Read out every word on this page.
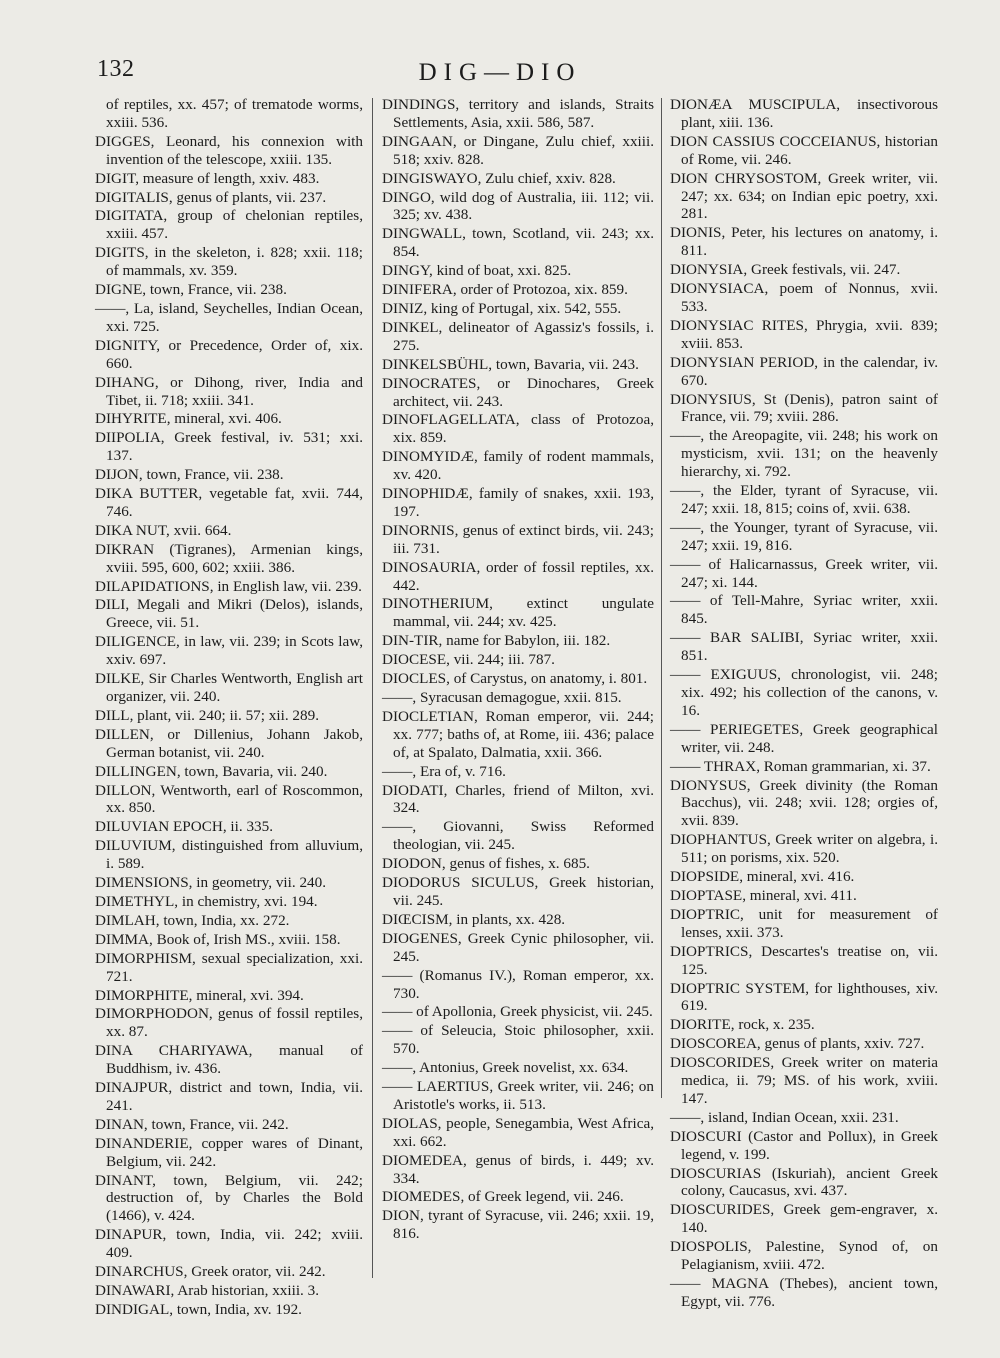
132	DIG—DIO

of reptiles, xx. 457; of trematode worms, xxiii. 536.

DIGGES, Leonard, his connexion with invention of the telescope, xxiii. 135.

DIGIT, measure of length, xxiv. 483.

DIGITALIS, genus of plants, vii. 237.

DIGITATA, group of chelonian reptiles, xxiii. 457.

DIGITS, in the skeleton, i. 828; xxii. 118; of mammals, xv. 359.

DIGNE, town, France, vii. 238.

——, La, island, Seychelles, Indian Ocean, xxi. 725.

DIGNITY, or Precedence, Order of, xix. 660.

DIHANG, or Dihong, river, India and Tibet, ii. 718; xxiii. 341.

DIHYRITE, mineral, xvi. 406.

DIIPOLIA, Greek festival, iv. 531; xxi. 137.

DIJON, town, France, vii. 238.

DIKA BUTTER, vegetable fat, xvii. 744, 746.

DIKA NUT, xvii. 664.

DIKRAN (Tigranes), Armenian kings, xviii. 595, 600, 602; xxiii. 386.

DILAPIDATIONS, in English law, vii. 239.

DILI, Megali and Mikri (Delos), islands, Greece, vii. 51.

DILIGENCE, in law, vii. 239; in Scots law, xxiv. 697.

DILKE, Sir Charles Wentworth, English art organizer, vii. 240.

DILL, plant, vii. 240; ii. 57; xii. 289.

DILLEN, or Dillenius, Johann Jakob, German botanist, vii. 240.

DILLINGEN, town, Bavaria, vii. 240.

DILLON, Wentworth, earl of Roscommon, xx. 850.

DILUVIAN EPOCH, ii. 335.

DILUVIUM, distinguished from alluvium, i. 589.

DIMENSIONS, in geometry, vii. 240.

DIMETHYL, in chemistry, xvi. 194.

DIMLAH, town, India, xx. 272.

DIMMA, Book of, Irish MS., xviii. 158.

DIMORPHISM, sexual specialization, xxi. 721.

DIMORPHITE, mineral, xvi. 394.

DIMORPHODON, genus of fossil reptiles, xx. 87.

DINA CHARIYAWA, manual of Buddhism, iv. 436.

DINAJPUR, district and town, India, vii. 241.

DINAN, town, France, vii. 242.

DINANDERIE, copper wares of Dinant, Belgium, vii. 242.

DINANT, town, Belgium, vii. 242; destruction of, by Charles the Bold (1466), v. 424.

DINAPUR, town, India, vii. 242; xviii. 409.

DINARCHUS, Greek orator, vii. 242.

DINAWARI, Arab historian, xxiii. 3.

DINDIGAL, town, India, xv. 192.

DINDINGS, territory and islands, Straits Settlements, Asia, xxii. 586, 587.

DINGAAN, or Dingane, Zulu chief, xxiii. 518; xxiv. 828.

DINGISWAYO, Zulu chief, xxiv. 828.

DINGO, wild dog of Australia, iii. 112; vii. 325; xv. 438.

DINGWALL, town, Scotland, vii. 243; xx. 854.

DINGY, kind of boat, xxi. 825.

DINIFERA, order of Protozoa, xix. 859.

DINIZ, king of Portugal, xix. 542, 555.

DINKEL, delineator of Agassiz's fossils, i. 275.

DINKELSBÜHL, town, Bavaria, vii. 243.

DINOCRATES, or Dinochares, Greek architect, vii. 243.

DINOFLAGELLATA, class of Protozoa, xix. 859.

DINOMYIDÆ, family of rodent mammals, xv. 420.

DINOPHIDÆ, family of snakes, xxii. 193, 197.

DINORNIS, genus of extinct birds, vii. 243; iii. 731.

DINOSAURIA, order of fossil reptiles, xx. 442.

DINOTHERIUM, extinct ungulate mammal, vii. 244; xv. 425.

DIN-TIR, name for Babylon, iii. 182.

DIOCESE, vii. 244; iii. 787.

DIOCLES, of Carystus, on anatomy, i. 801.

——, Syracusan demagogue, xxii. 815.

DIOCLETIAN, Roman emperor, vii. 244; xx. 777; baths of, at Rome, iii. 436; palace of, at Spalato, Dalmatia, xxii. 366.

——, Era of, v. 716.

DIODATI, Charles, friend of Milton, xvi. 324.

——, Giovanni, Swiss Reformed theologian, vii. 245.

DIODON, genus of fishes, x. 685.

DIODORUS SICULUS, Greek historian, vii. 245.

DIŒCISM, in plants, xx. 428.

DIOGENES, Greek Cynic philosopher, vii. 245.

—— (Romanus IV.), Roman emperor, xx. 730.

—— of Apollonia, Greek physicist, vii. 245.

—— of Seleucia, Stoic philosopher, xxii. 570.

——, Antonius, Greek novelist, xx. 634.

—— LAERTIUS, Greek writer, vii. 246; on Aristotle's works, ii. 513.

DIOLAS, people, Senegambia, West Africa, xxi. 662.

DIOMEDEA, genus of birds, i. 449; xv. 334.

DIOMEDES, of Greek legend, vii. 246.

DION, tyrant of Syracuse, vii. 246; xxii. 19, 816.

DIONÆA MUSCIPULA, insectivorous plant, xiii. 136.

DION CASSIUS COCCEIANUS, historian of Rome, vii. 246.

DION CHRYSOSTOM, Greek writer, vii. 247; xx. 634; on Indian epic poetry, xxi. 281.

DIONIS, Peter, his lectures on anatomy, i. 811.

DIONYSIA, Greek festivals, vii. 247.

DIONYSIACA, poem of Nonnus, xvii. 533.

DIONYSIAC RITES, Phrygia, xvii. 839; xviii. 853.

DIONYSIAN PERIOD, in the calendar, iv. 670.

DIONYSIUS, St (Denis), patron saint of France, vii. 79; xviii. 286.

——, the Areopagite, vii. 248; his work on mysticism, xvii. 131; on the heavenly hierarchy, xi. 792.

——, the Elder, tyrant of Syracuse, vii. 247; xxii. 18, 815; coins of, xvii. 638.

——, the Younger, tyrant of Syracuse, vii. 247; xxii. 19, 816.

—— of Halicarnassus, Greek writer, vii. 247; xi. 144.

—— of Tell-Mahre, Syriac writer, xxii. 845.

—— BAR SALIBI, Syriac writer, xxii. 851.

—— EXIGUUS, chronologist, vii. 248; xix. 492; his collection of the canons, v. 16.

—— PERIEGETES, Greek geographical writer, vii. 248.

—— THRAX, Roman grammarian, xi. 37.

DIONYSUS, Greek divinity (the Roman Bacchus), vii. 248; xvii. 128; orgies of, xvii. 839.

DIOPHANTUS, Greek writer on algebra, i. 511; on porisms, xix. 520.

DIOPSIDE, mineral, xvi. 416.

DIOPTASE, mineral, xvi. 411.

DIOPTRIC, unit for measurement of lenses, xxii. 373.

DIOPTRICS, Descartes's treatise on, vii. 125.

DIOPTRIC SYSTEM, for lighthouses, xiv. 619.

DIORITE, rock, x. 235.

DIOSCOREA, genus of plants, xxiv. 727.

DIOSCORIDES, Greek writer on materia medica, ii. 79; MS. of his work, xviii. 147.

——, island, Indian Ocean, xxii. 231.

DIOSCURI (Castor and Pollux), in Greek legend, v. 199.

DIOSCURIAS (Iskuriah), ancient Greek colony, Caucasus, xvi. 437.

DIOSCURIDES, Greek gem-engraver, x. 140.

DIOSPOLIS, Palestine, Synod of, on Pelagianism, xviii. 472.

—— MAGNA (Thebes), ancient town, Egypt, vii. 776.
